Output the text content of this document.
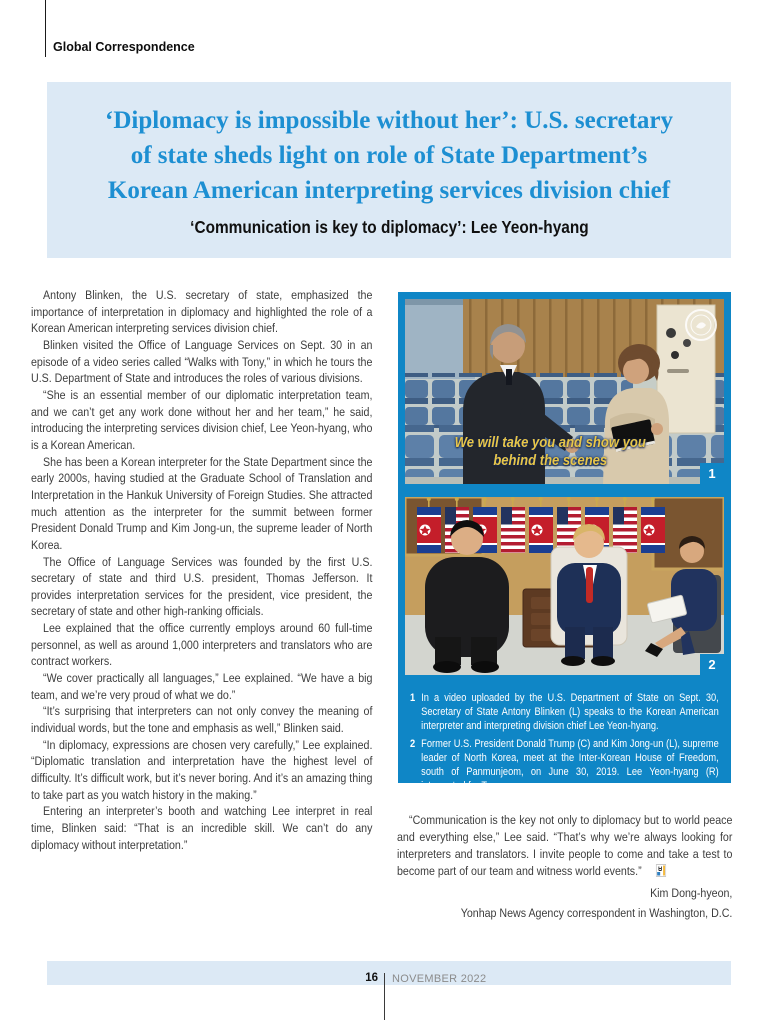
Global Correspondence
‘Diplomacy is impossible without her’: U.S. secretary
of state sheds light on role of State Department’s
Korean American interpreting services division chief
‘Communication is key to diplomacy’: Lee Yeon-hyang

Antony Blinken, the U.S. secretary of state, emphasized the importance of interpretation in diplomacy and highlighted the role of a Korean American interpreting services division chief.

Blinken visited the Office of Language Services on Sept. 30 in an episode of a video series called “Walks with Tony,” in which he tours the U.S. Department of State and introduces the roles of various divisions.

“She is an essential member of our diplomatic interpretation team, and we can’t get any work done without her and her team,” he said, introducing the interpreting services division chief, Lee Yeon-hyang, who is a Korean American.

She has been a Korean interpreter for the State Department since the early 2000s, having studied at the Graduate School of Translation and Interpretation in the Hankuk University of Foreign Studies. She attracted much attention as the interpreter for the summit between former President Donald Trump and Kim Jong-un, the supreme leader of North Korea.

The Office of Language Services was founded by the first U.S. secretary of state and third U.S. president, Thomas Jefferson. It provides interpretation services for the president, vice president, the secretary of state and other high-ranking officials.

Lee explained that the office currently employs around 60 full-time personnel, as well as around 1,000 interpreters and translators who are contract workers.

“We cover practically all languages,” Lee explained. “We have a big team, and we’re very proud of what we do.”

“It’s surprising that interpreters can not only convey the meaning of individual words, but the tone and emphasis as well,” Blinken said.

“In diplomacy, expressions are chosen very carefully,” Lee explained. “Diplomatic translation and interpretation have the highest level of difficulty. It’s difficult work, but it’s never boring. And it’s an amazing thing to take part as you watch history in the making.”

Entering an interpreter’s booth and watching Lee interpret in real time, Blinken said: “That is an incredible skill. We can’t do any diplomacy without interpretation.”

We will take you and show you
behind the scenes
1
2
1 In a video uploaded by the U.S. Department of State on Sept. 30, Secretary of State Antony Blinken (L) speaks to the Korean American interpreter and interpreting division chief Lee Yeon-hyang.
2 Former U.S. President Donald Trump (C) and Kim Jong-un (L), supreme leader of North Korea, meet at the Inter-Korean House of Freedom, south of Panmunjeom, on June 30, 2019. Lee Yeon-hyang (R) interpreted for Trump.

“Communication is the key not only to diplomacy but to world peace and everything else,” Lee said. “That’s why we’re always looking for interpreters and translators. I invite people to come and take a test to become part of our team and witness world events.”

Kim Dong-hyeon,
Yonhap News Agency correspondent in Washington, D.C.
16 NOVEMBER 2022
